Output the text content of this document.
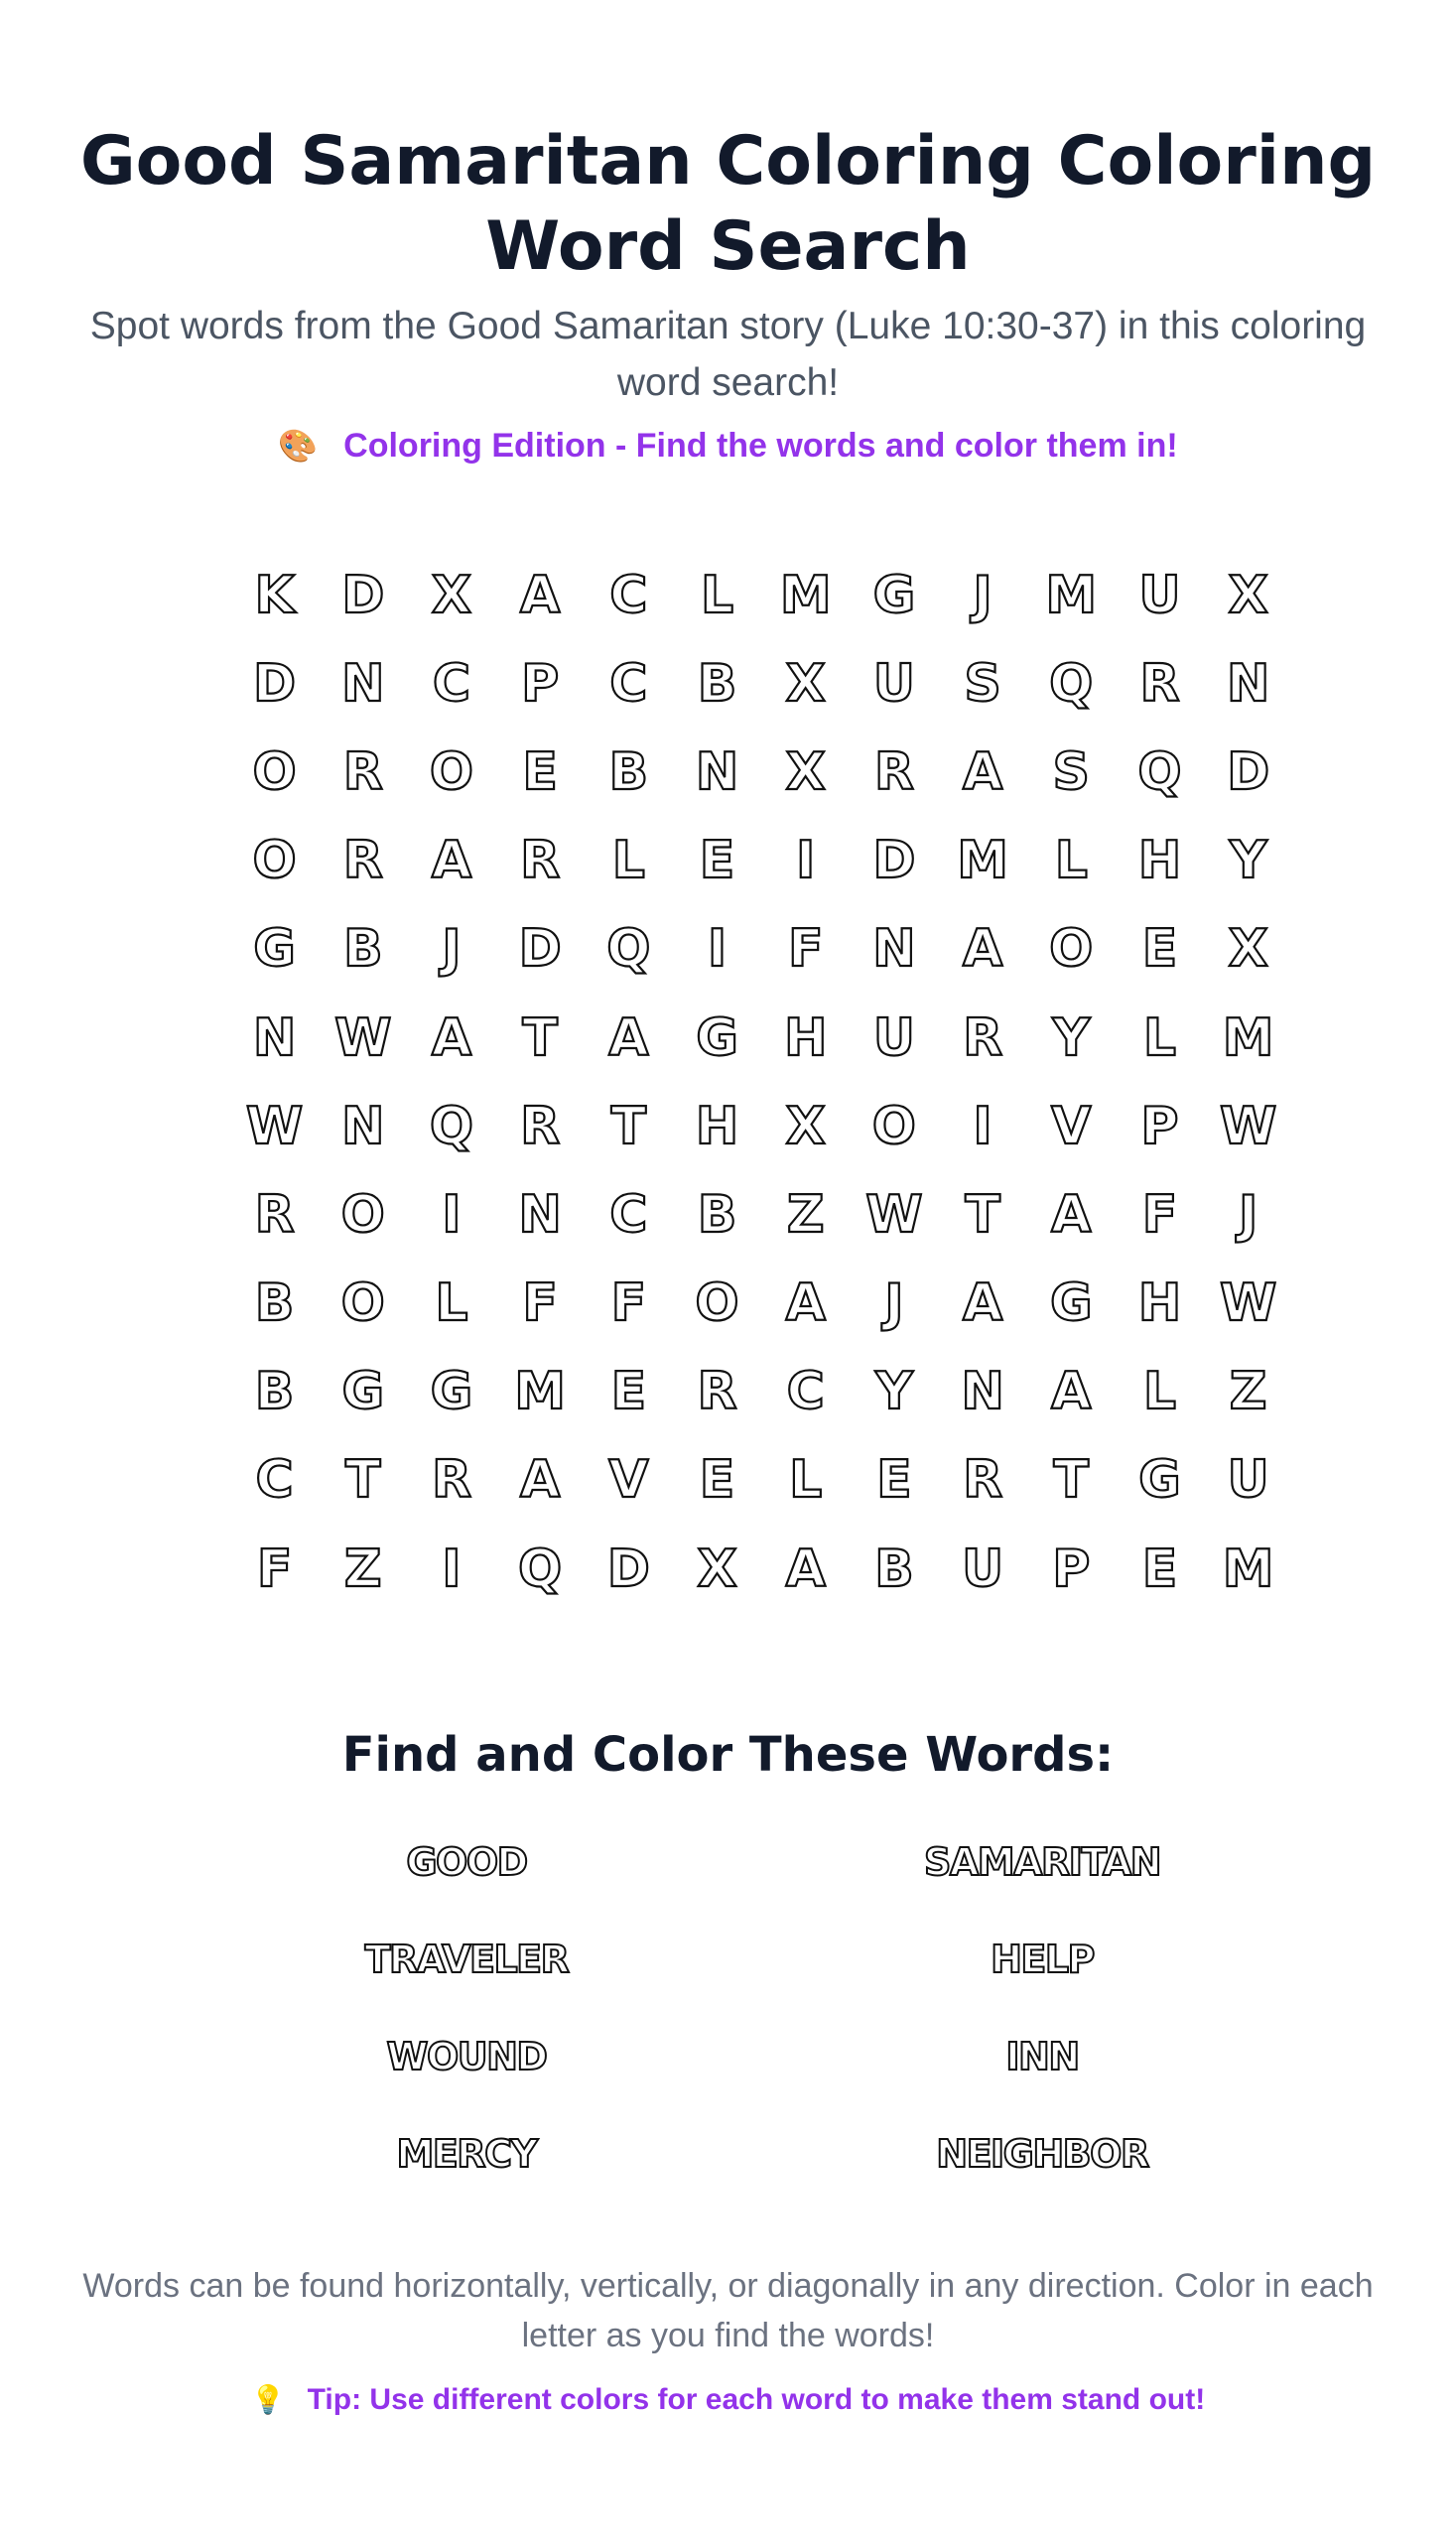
Good Samaritan Coloring Coloring Word Search

Spot words from the Good Samaritan story (Luke 10:30-37) in this coloring word search!

🎨 Coloring Edition - Find the words and color them in!
K D X A C	L M G	J	M U X
D N C P C B X U S Q R N
O R O E B N X R A S Q D
O R A R	L	E	I	D M L H Y
G B	J	D Q	I	F N A O E X
N W A T A G H U R Y	L M
W N Q R T H X O	I	V P W
R O	I	N C B Z W T A F	J
B O L	F	F O A	J	A G H W
B G G M E R C Y N A	L	Z
C	T R A V E	L	E R T G U
F	Z	I	Q D X A B U P	E M
Find and Color These Words:
GOOD	SAMARITAN
TRAVELER	HELP
WOUND	INN
MERCY	NEIGHBOR

Words can be found horizontally, vertically, or diagonally in any direction. Color in each letter as you find the words!

💡 Tip: Use different colors for each word to make them stand out!
